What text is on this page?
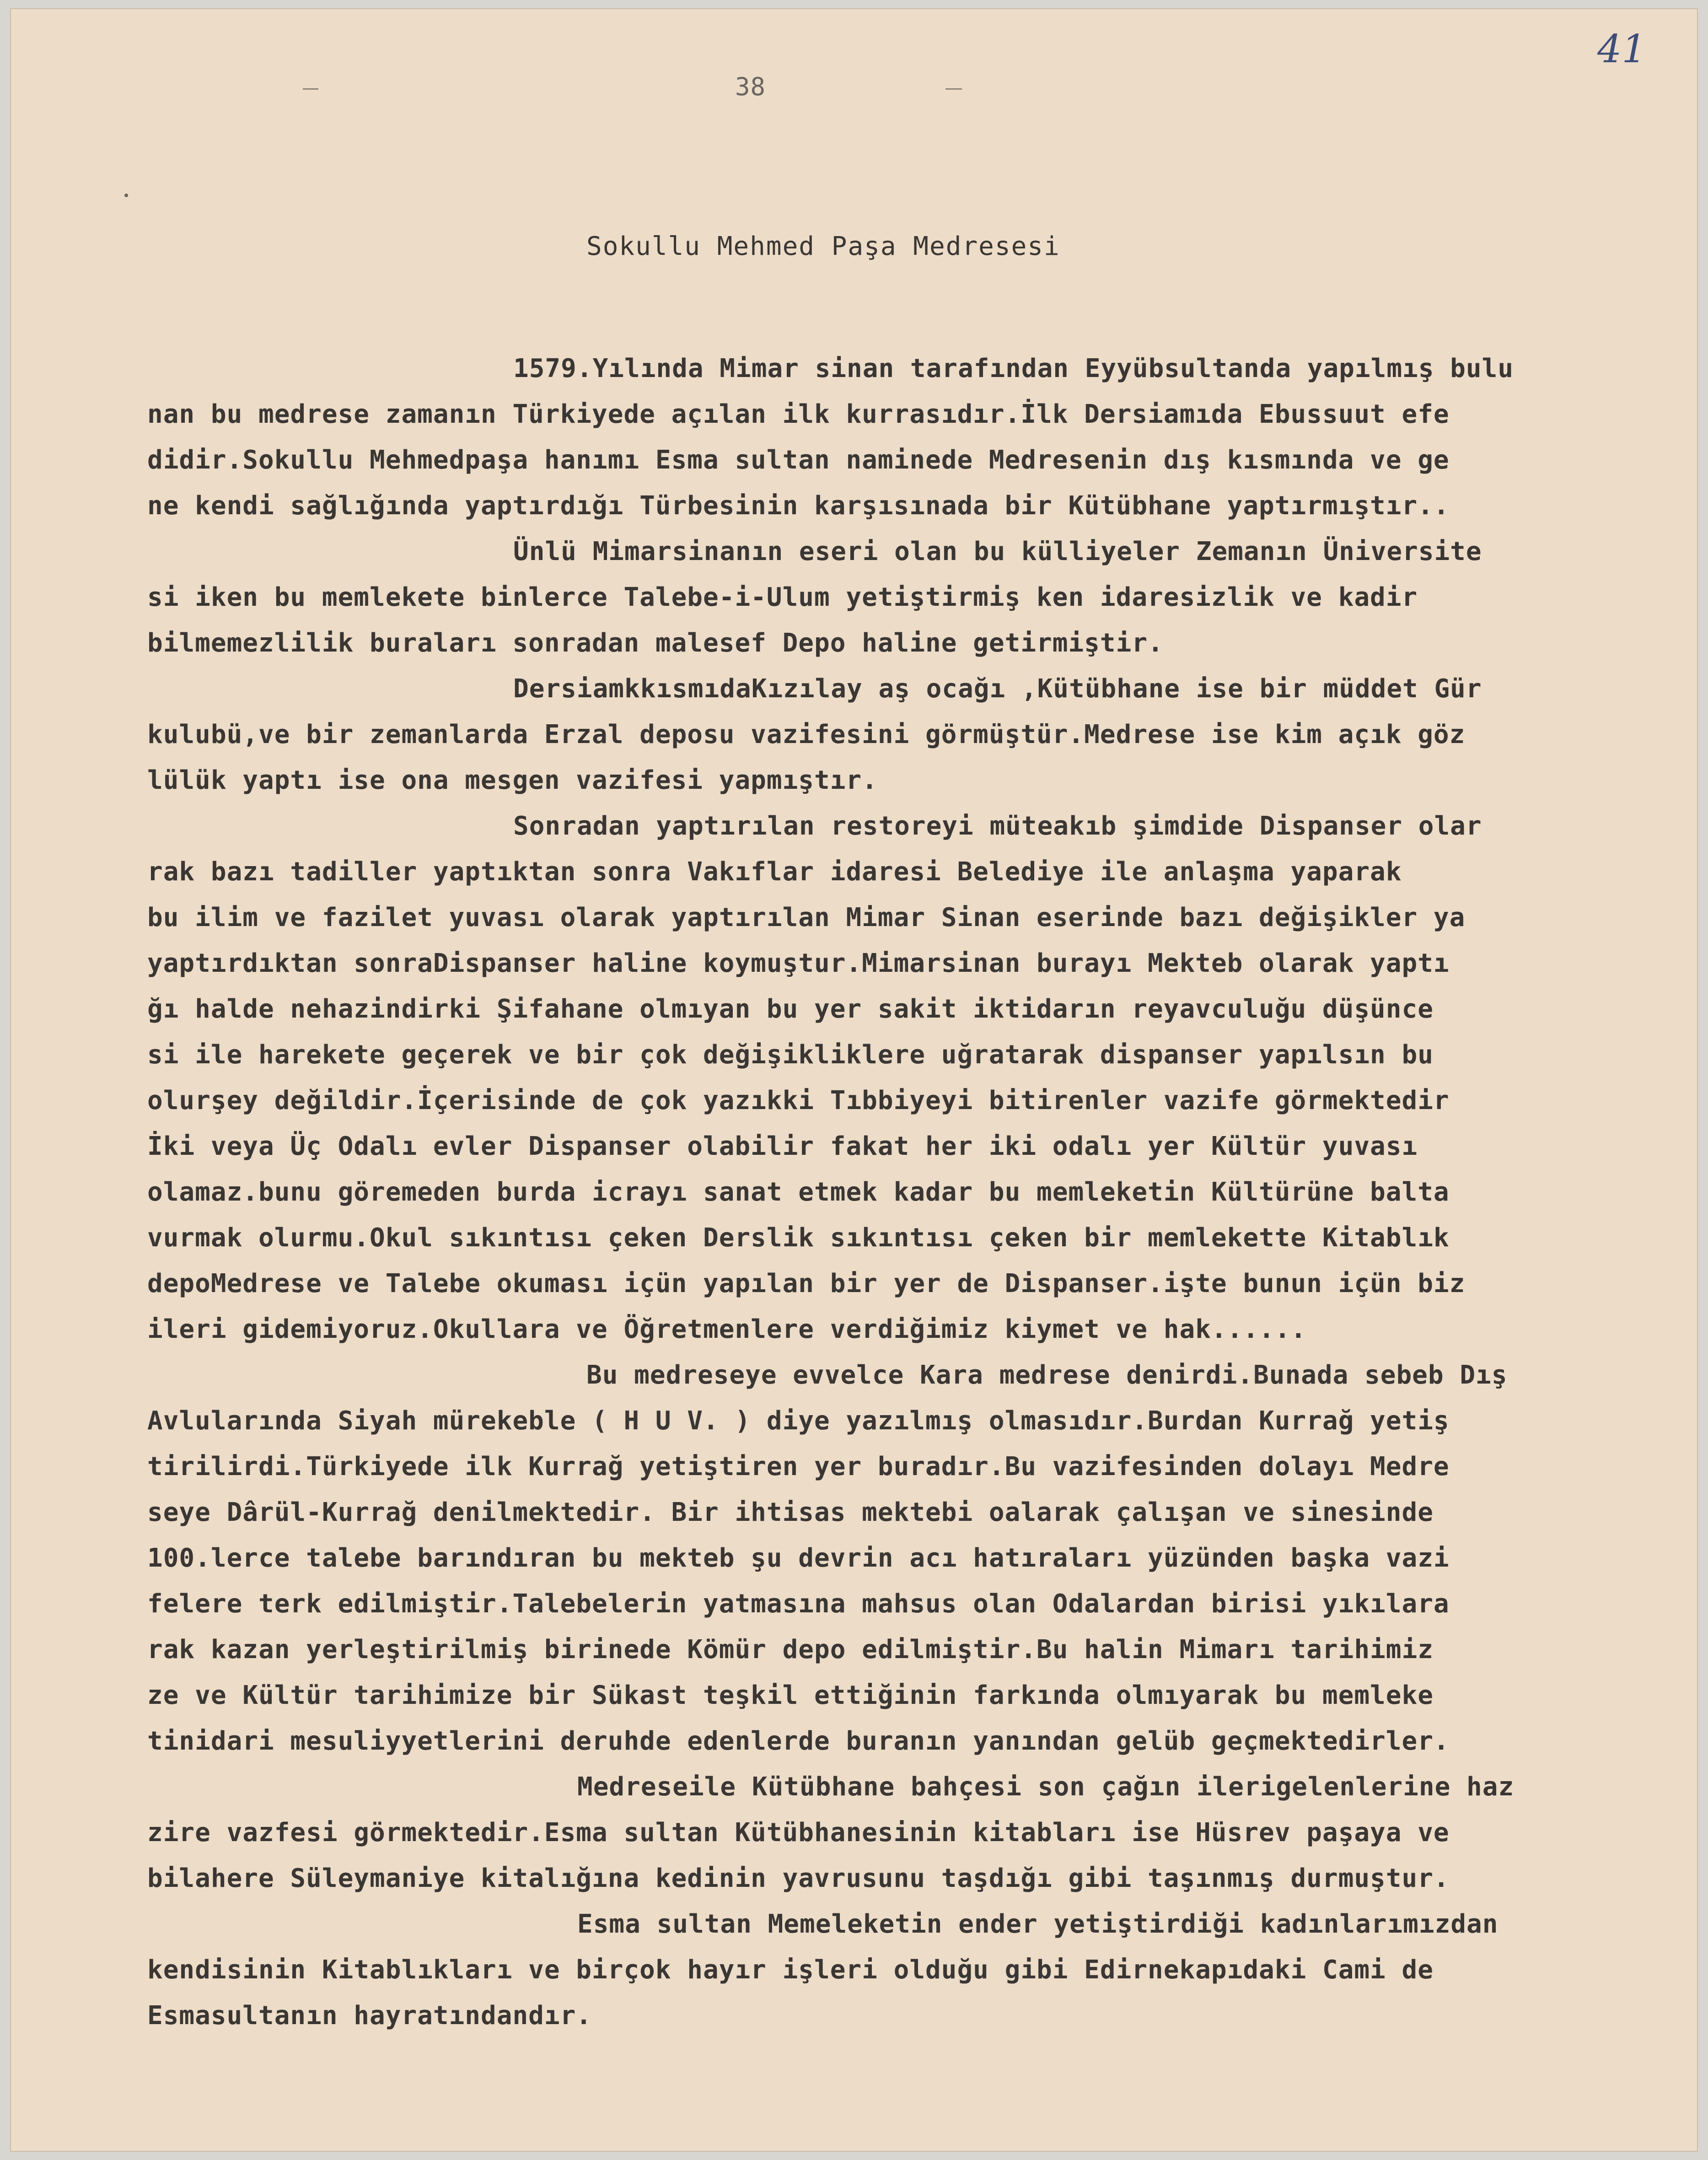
38
41
Sokullu Mehmed Paşa Medresesi
1579.Yılında Mimar sinan tarafından Eyyübsultanda yapılmış bulu
nan bu medrese zamanın Türkiyede açılan ilk kurrasıdır.İlk Dersiamıda Ebussuut efe
didir.Sokullu Mehmedpaşa hanımı Esma sultan naminede Medresenin dış kısmında ve ge
ne kendi sağlığında yaptırdığı Türbesinin karşısınada bir Kütübhane yaptırmıştır..
Ünlü Mimarsinanın eseri olan bu külliyeler Zemanın Üniversite
si iken bu memlekete binlerce Talebe-i-Ulum yetiştirmiş ken idaresizlik ve kadir
bilmemezlilik buraları sonradan malesef Depo haline getirmiştir.
DersiamkkısmıdaKızılay aş ocağı ,Kütübhane ise bir müddet Gür
kulubü,ve bir zemanlarda Erzal deposu vazifesini görmüştür.Medrese ise kim açık göz
lülük yaptı ise ona mesgen vazifesi yapmıştır.
Sonradan yaptırılan restoreyi müteakıb şimdide Dispanser olar
rak bazı tadiller yaptıktan sonra Vakıflar idaresi Belediye ile anlaşma yaparak
bu ilim ve fazilet yuvası olarak yaptırılan Mimar Sinan eserinde bazı değişikler ya
yaptırdıktan sonraDispanser haline koymuştur.Mimarsinan burayı Mekteb olarak yaptı
ğı halde nehazindirki Şifahane olmıyan bu yer sakit iktidarın reyavculuğu düşünce
si ile harekete geçerek ve bir çok değişikliklere uğratarak dispanser yapılsın bu
olurşey değildir.İçerisinde de çok yazıkki Tıbbiyeyi bitirenler vazife görmektedir
İki veya Üç Odalı evler Dispanser olabilir fakat her iki odalı yer Kültür yuvası
olamaz.bunu göremeden burda icrayı sanat etmek kadar bu memleketin Kültürüne balta
vurmak olurmu.Okul sıkıntısı çeken Derslik sıkıntısı çeken bir memlekette Kitablık
depoMedrese ve Talebe okuması içün yapılan bir yer de Dispanser.işte bunun içün biz
ileri gidemiyoruz.Okullara ve Öğretmenlere verdiğimiz kiymet ve hak......
Bu medreseye evvelce Kara medrese denirdi.Bunada sebeb Dış
Avlularında Siyah mürekeble ( H U V. ) diye yazılmış olmasıdır.Burdan Kurrağ yetiş
tirilirdi.Türkiyede ilk Kurrağ yetiştiren yer buradır.Bu vazifesinden dolayı Medre
seye Dârül-Kurrağ denilmektedir. Bir ihtisas mektebi oalarak çalışan ve sinesinde
100.lerce talebe barındıran bu mekteb şu devrin acı hatıraları yüzünden başka vazi
felere terk edilmiştir.Talebelerin yatmasına mahsus olan Odalardan birisi yıkılara
rak kazan yerleştirilmiş birinede Kömür depo edilmiştir.Bu halin Mimarı tarihimiz
ze ve Kültür tarihimize bir Sükast teşkil ettiğinin farkında olmıyarak bu memleke
tinidari mesuliyyetlerini deruhde edenlerde buranın yanından gelüb geçmektedirler.
Medreseile Kütübhane bahçesi son çağın ilerigelenlerine haz
zire vazfesi görmektedir.Esma sultan Kütübhanesinin kitabları ise Hüsrev paşaya ve
bilahere Süleymaniye kitalığına kedinin yavrusunu taşdığı gibi taşınmış durmuştur.
Esma sultan Memeleketin ender yetiştirdiği kadınlarımızdan
kendisinin Kitablıkları ve birçok hayır işleri olduğu gibi Edirnekapıdaki Cami de
Esmasultanın hayratındandır.
